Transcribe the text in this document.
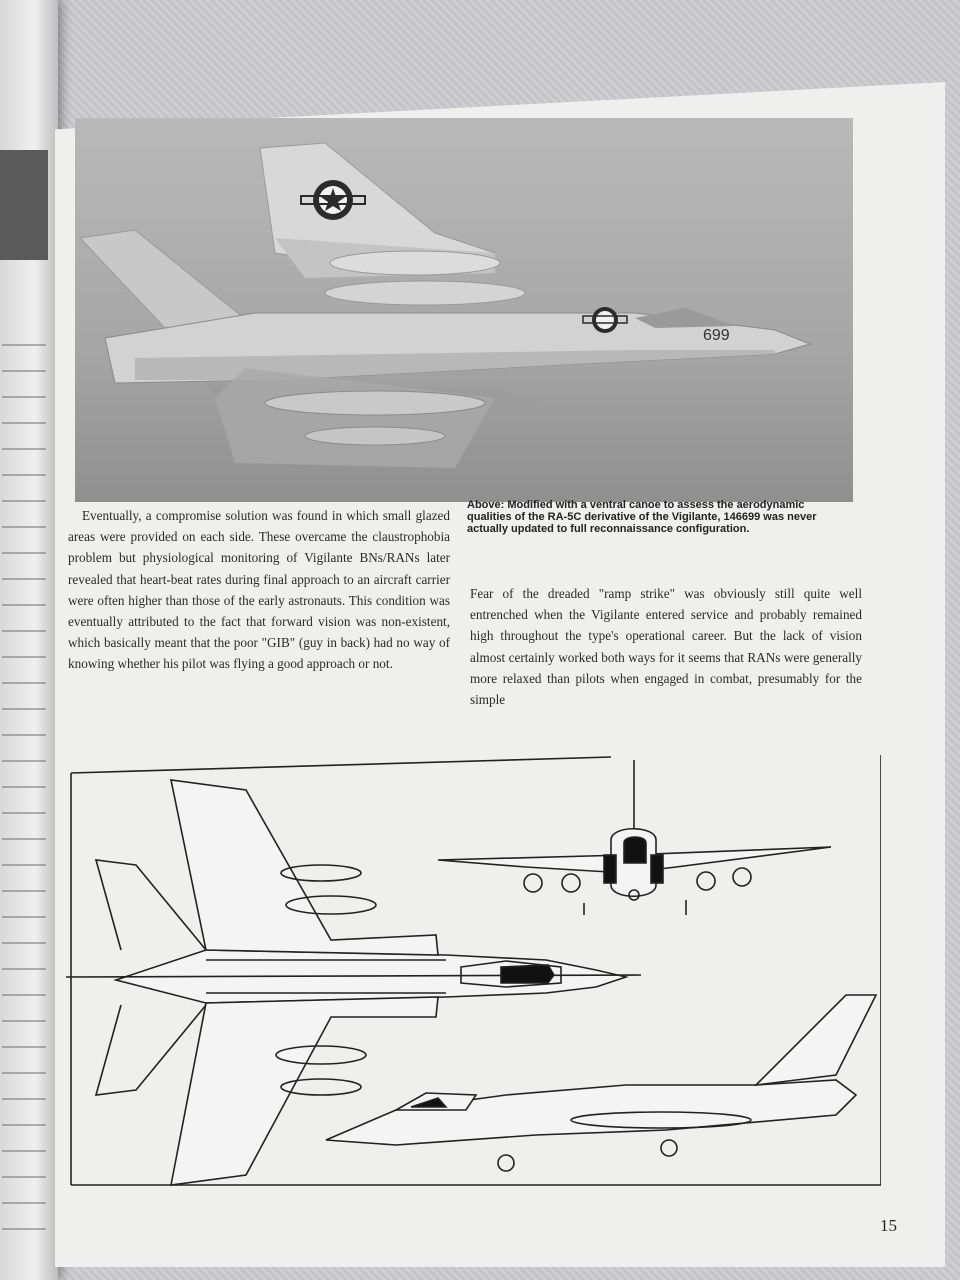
699
Above: Modified with a ventral canoe to assess the aerodynamic qualities of the RA-5C derivative of the Vigilante, 146699 was never actually updated to full reconnaissance configuration.
Eventually, a compromise solution was found in which small glazed areas were provided on each side. These overcame the claustrophobia problem but physiological monitoring of Vigilante BNs/RANs later revealed that heart-beat rates during final approach to an aircraft carrier were often higher than those of the early astronauts. This condition was eventually attributed to the fact that forward vision was non-existent, which basically meant that the poor "GIB" (guy in back) had no way of knowing whether his pilot was flying a good approach or not.
Fear of the dreaded "ramp strike" was obviously still quite well entrenched when the Vigilante entered service and probably remained high throughout the type's operational career. But the lack of vision almost certainly worked both ways for it seems that RANs were generally more relaxed than pilots when engaged in combat, presumably for the simple
15
